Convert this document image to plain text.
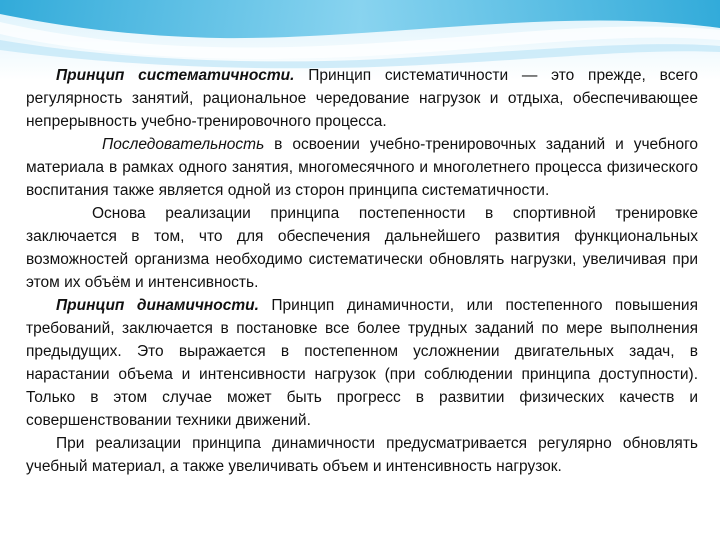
Принцип систематичности. Принцип систематичности — это прежде, всего регулярность занятий, рациональное чередование нагрузок и отдыха, обеспечивающее непрерывность учебно-тренировочного процесса.

Последовательность в освоении учебно-тренировочных заданий и учебного материала в рамках одного занятия, многомесячного и многолетнего процесса физического воспитания также является одной из сторон принципа систематичности.

Основа реализации принципа постепенности в спортивной тренировке заключается в том, что для обеспечения дальнейшего развития функциональных возможностей организма необходимо систематически обновлять нагрузки, увеличивая при этом их объём и интенсивность.

Принцип динамичности. Принцип динамичности, или постепенного повышения требований, заключается в постановке все более трудных заданий по мере выполнения предыдущих. Это выражается в постепенном усложнении двигательных задач, в нарастании объема и интенсивности нагрузок (при соблюдении принципа доступности). Только в этом случае может быть прогресс в развитии физических качеств и совершенствовании техники движений.

При реализации принципа динамичности предусматривается регулярно обновлять учебный материал, а также увеличивать объем и интенсивность нагрузок.
